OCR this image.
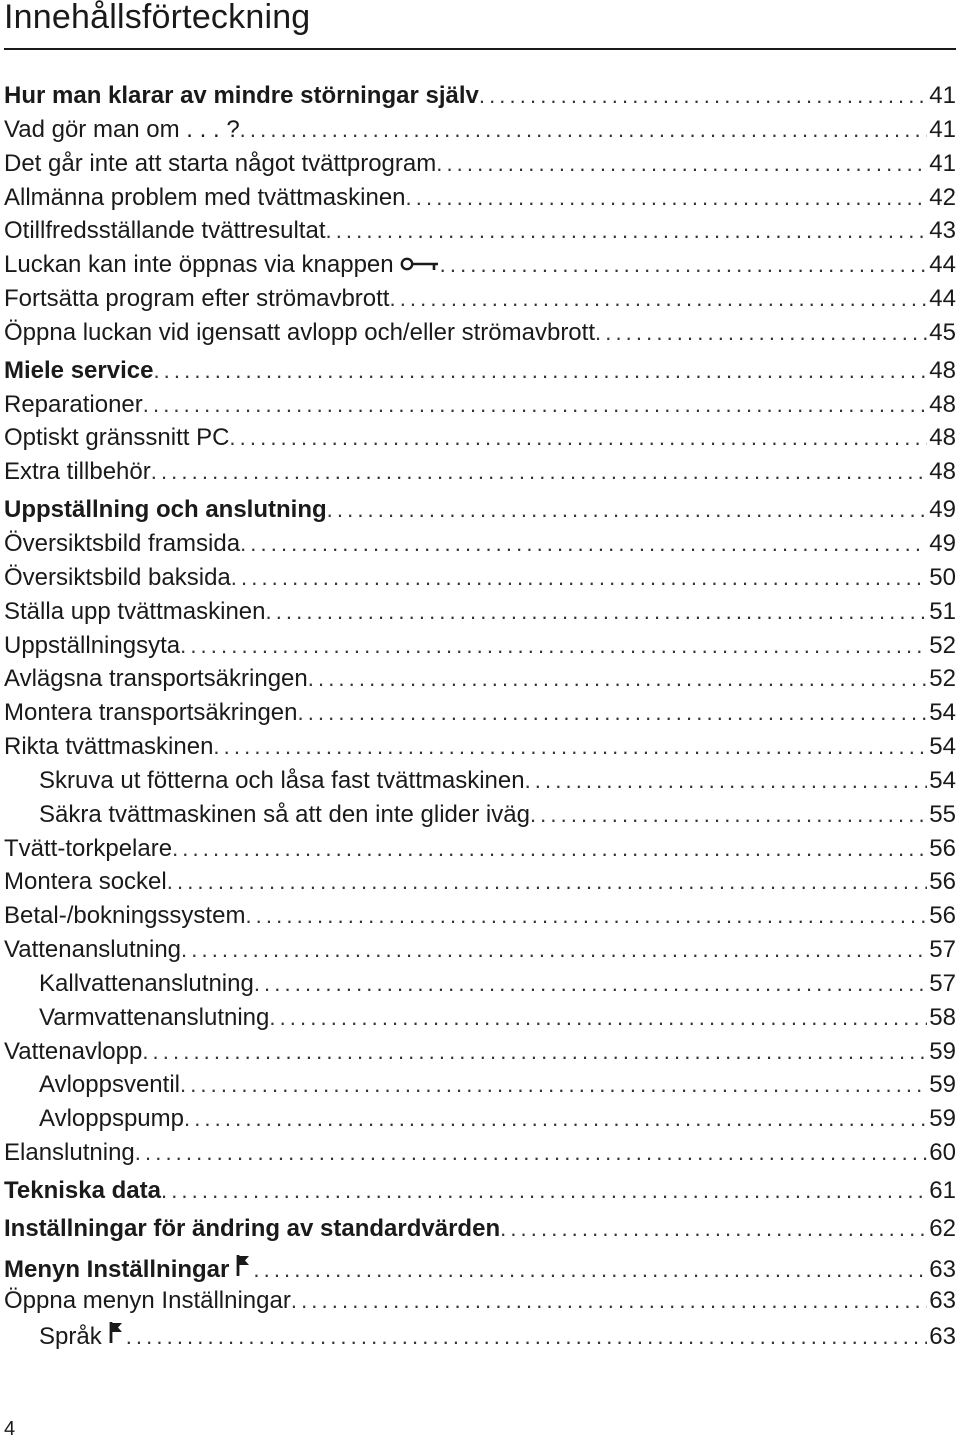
Innehållsförteckning
Hur man klarar av mindre störningar själv . . .	41
Vad gör man om . . . ? . . .	41
Det går inte att starta något tvättprogram . . .	41
Allmänna problem med tvättmaskinen . . .	42
Otillfredsställande tvättresultat . . .	43
Luckan kan inte öppnas via knappen . . .	44
Fortsätta program efter strömavbrott . . .	44
Öppna luckan vid igensatt avlopp och/eller strömavbrott . . .	45
Miele service . . .	48
Reparationer . . .	48
Optiskt gränssnitt PC . . .	48
Extra tillbehör . . .	48
Uppställning och anslutning . . .	49
Översiktsbild framsida . . .	49
Översiktsbild baksida . . .	50
Ställa upp tvättmaskinen . . .	51
Uppställningsyta . . .	52
Avlägsna transportsäkringen . . .	52
Montera transportsäkringen . . .	54
Rikta tvättmaskinen . . .	54
Skruva ut fötterna och låsa fast tvättmaskinen . . .	54
Säkra tvättmaskinen så att den inte glider iväg . . .	55
Tvätt-torkpelare . . .	56
Montera sockel . . .	56
Betal-/bokningssystem . . .	56
Vattenanslutning . . .	57
Kallvattenanslutning . . .	57
Varmvattenanslutning . . .	58
Vattenavlopp . . .	59
Avloppsventil . . .	59
Avloppspump . . .	59
Elanslutning . . .	60
Tekniska data . . .	61
Inställningar för ändring av standardvärden . . .	62
Menyn Inställningar . . .	63
Öppna menyn Inställningar . . .	63
Språk . . .	63
4
